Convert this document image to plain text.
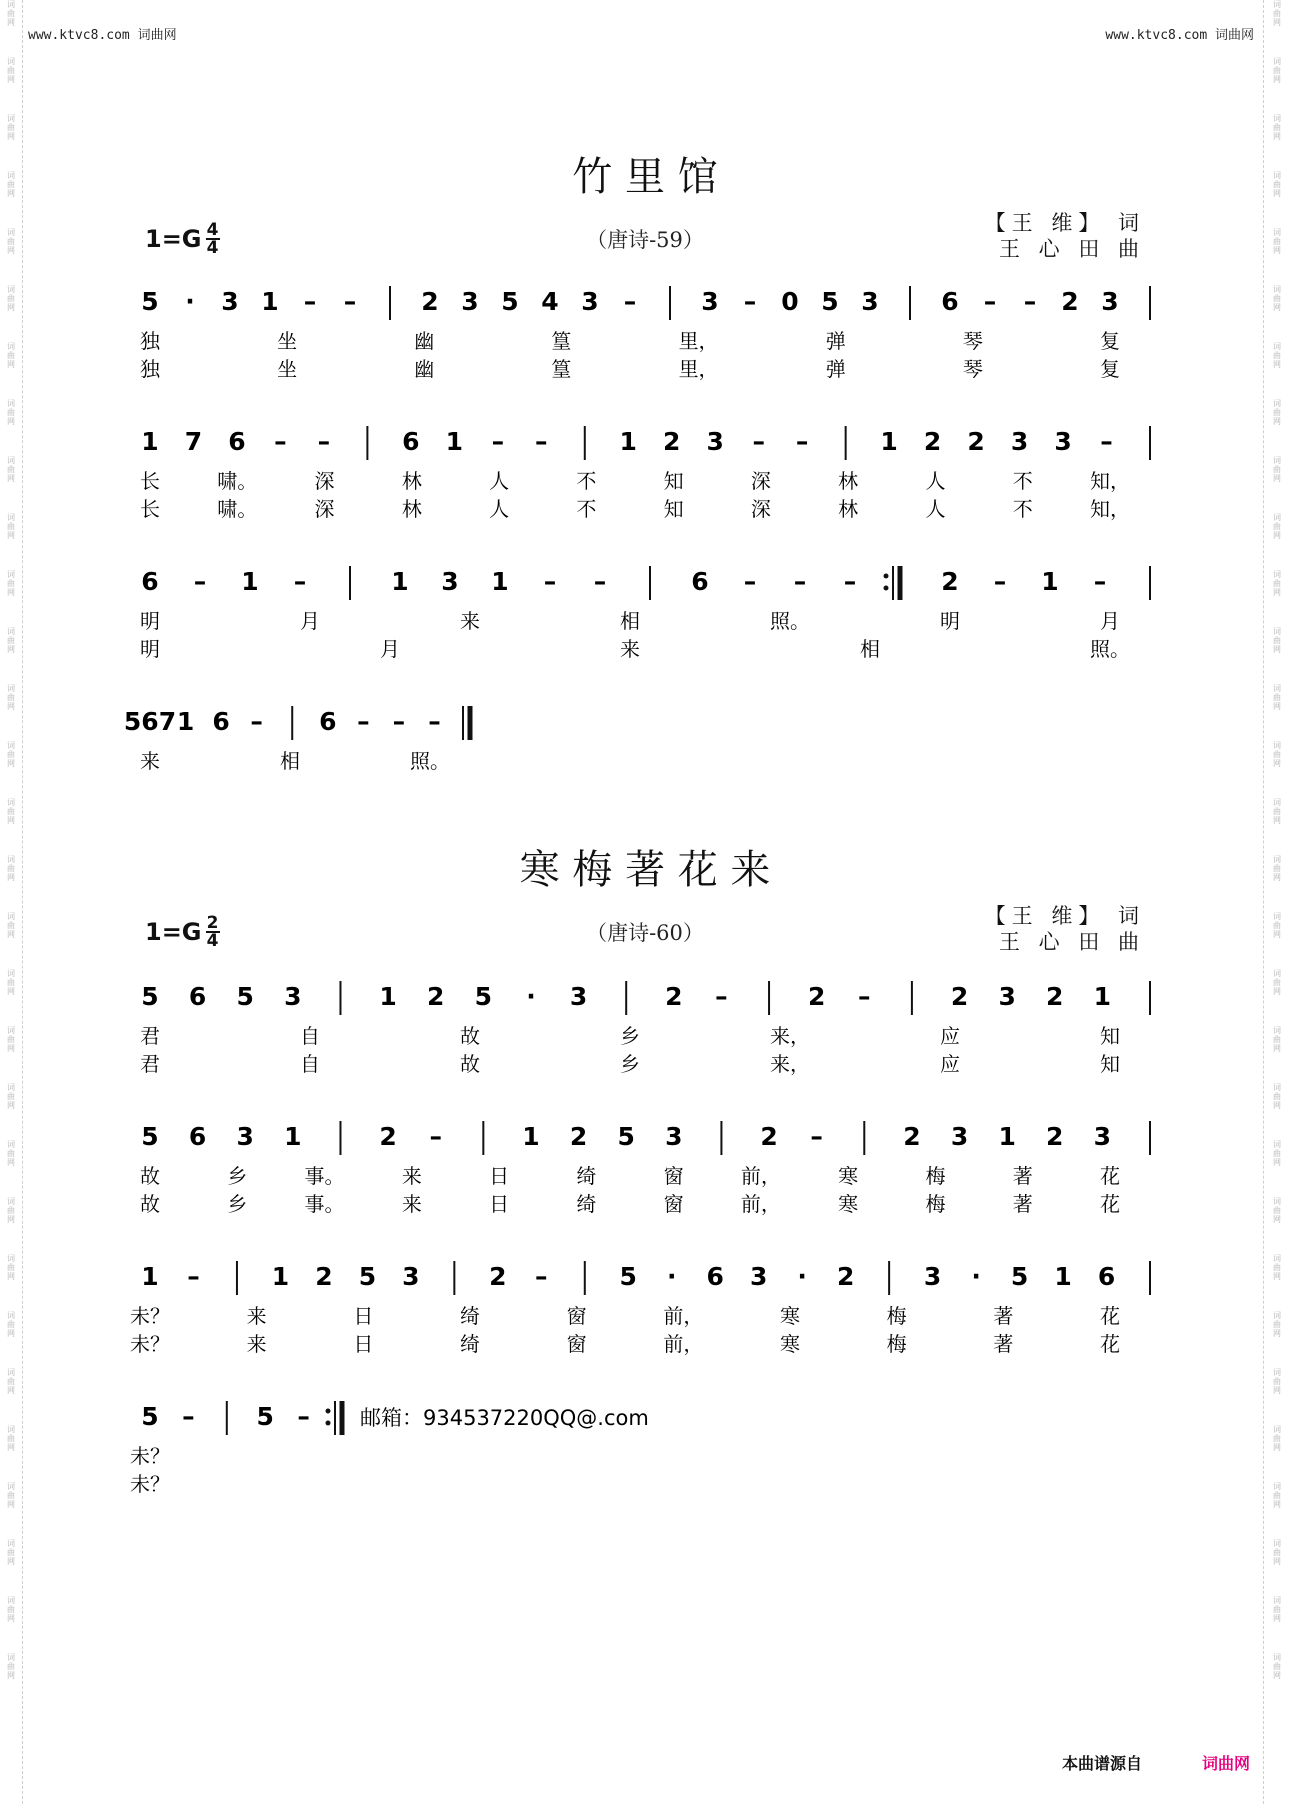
词曲网
词曲网
词曲网
词曲网
词曲网
词曲网
词曲网
词曲网
词曲网
词曲网
词曲网
词曲网
词曲网
词曲网
词曲网
词曲网
词曲网
词曲网
词曲网
词曲网
词曲网
词曲网
词曲网
词曲网
词曲网
词曲网
词曲网
词曲网
词曲网
词曲网
词曲网
词曲网
词曲网
词曲网
词曲网
词曲网
词曲网
词曲网
词曲网
词曲网
词曲网
词曲网
词曲网
词曲网
词曲网
词曲网
词曲网
词曲网
词曲网
词曲网
词曲网
词曲网
词曲网
词曲网
词曲网
词曲网
词曲网
词曲网
词曲网
词曲网
www.ktvc8.com 词曲网	www.ktvc8.com 词曲网
竹 里 馆
$1=G \frac{4}{4}$	（唐诗-59）
【王 维】 词
王 心 田 曲
5 · 3 1 – –	2 3 5 4 3 –	3 – 0 5 3	6 – – 2 3
独	坐	幽	篁	里，	弹	琴	复
独	坐	幽	篁	里，	弹	琴	复
1 7 6 – –	6 1 – –	1 2 3 – –	1 2 2 3 3 –
长	啸。	深	林	人	不	知	深	林	人	不	知，
长	啸。	深	林	人	不	知	深	林	人	不	知，
6 – 1 –	1 3 1 – –	6 – – –	2 – 1 –
明	月	来	相	照。	明	月
明	月	来	相	照。
567 1 6 – 6 – – –
来	相	照。
寒 梅 著 花 来
$1=G \frac{2}{4}$	（唐诗-60）
【王 维】 词
王 心 田 曲
5 6 5 3	1 2 5 · 3	2 –	2 –	2 3 2 1
君	自	故	乡	来，	应	知
君	自	故	乡	来，	应	知
5 6 3 1	2 –	1 2 5 3	2 –	2 3 1 2 3
故	乡	事。	来	日	绮	窗	前，	寒	梅	著	花
故	乡	事。	来	日	绮	窗	前，	寒	梅	著	花
1 –	1 2 5 3	2 –	5 · 6 3 · 2	3 · 5 1 6
未？	来	日	绮	窗	前，	寒	梅	著	花
未？	来	日	绮	窗	前，	寒	梅	著	花
5 – 5 –
未？
未？
邮箱：934537220QQ@.com
本曲谱源自	词曲网
